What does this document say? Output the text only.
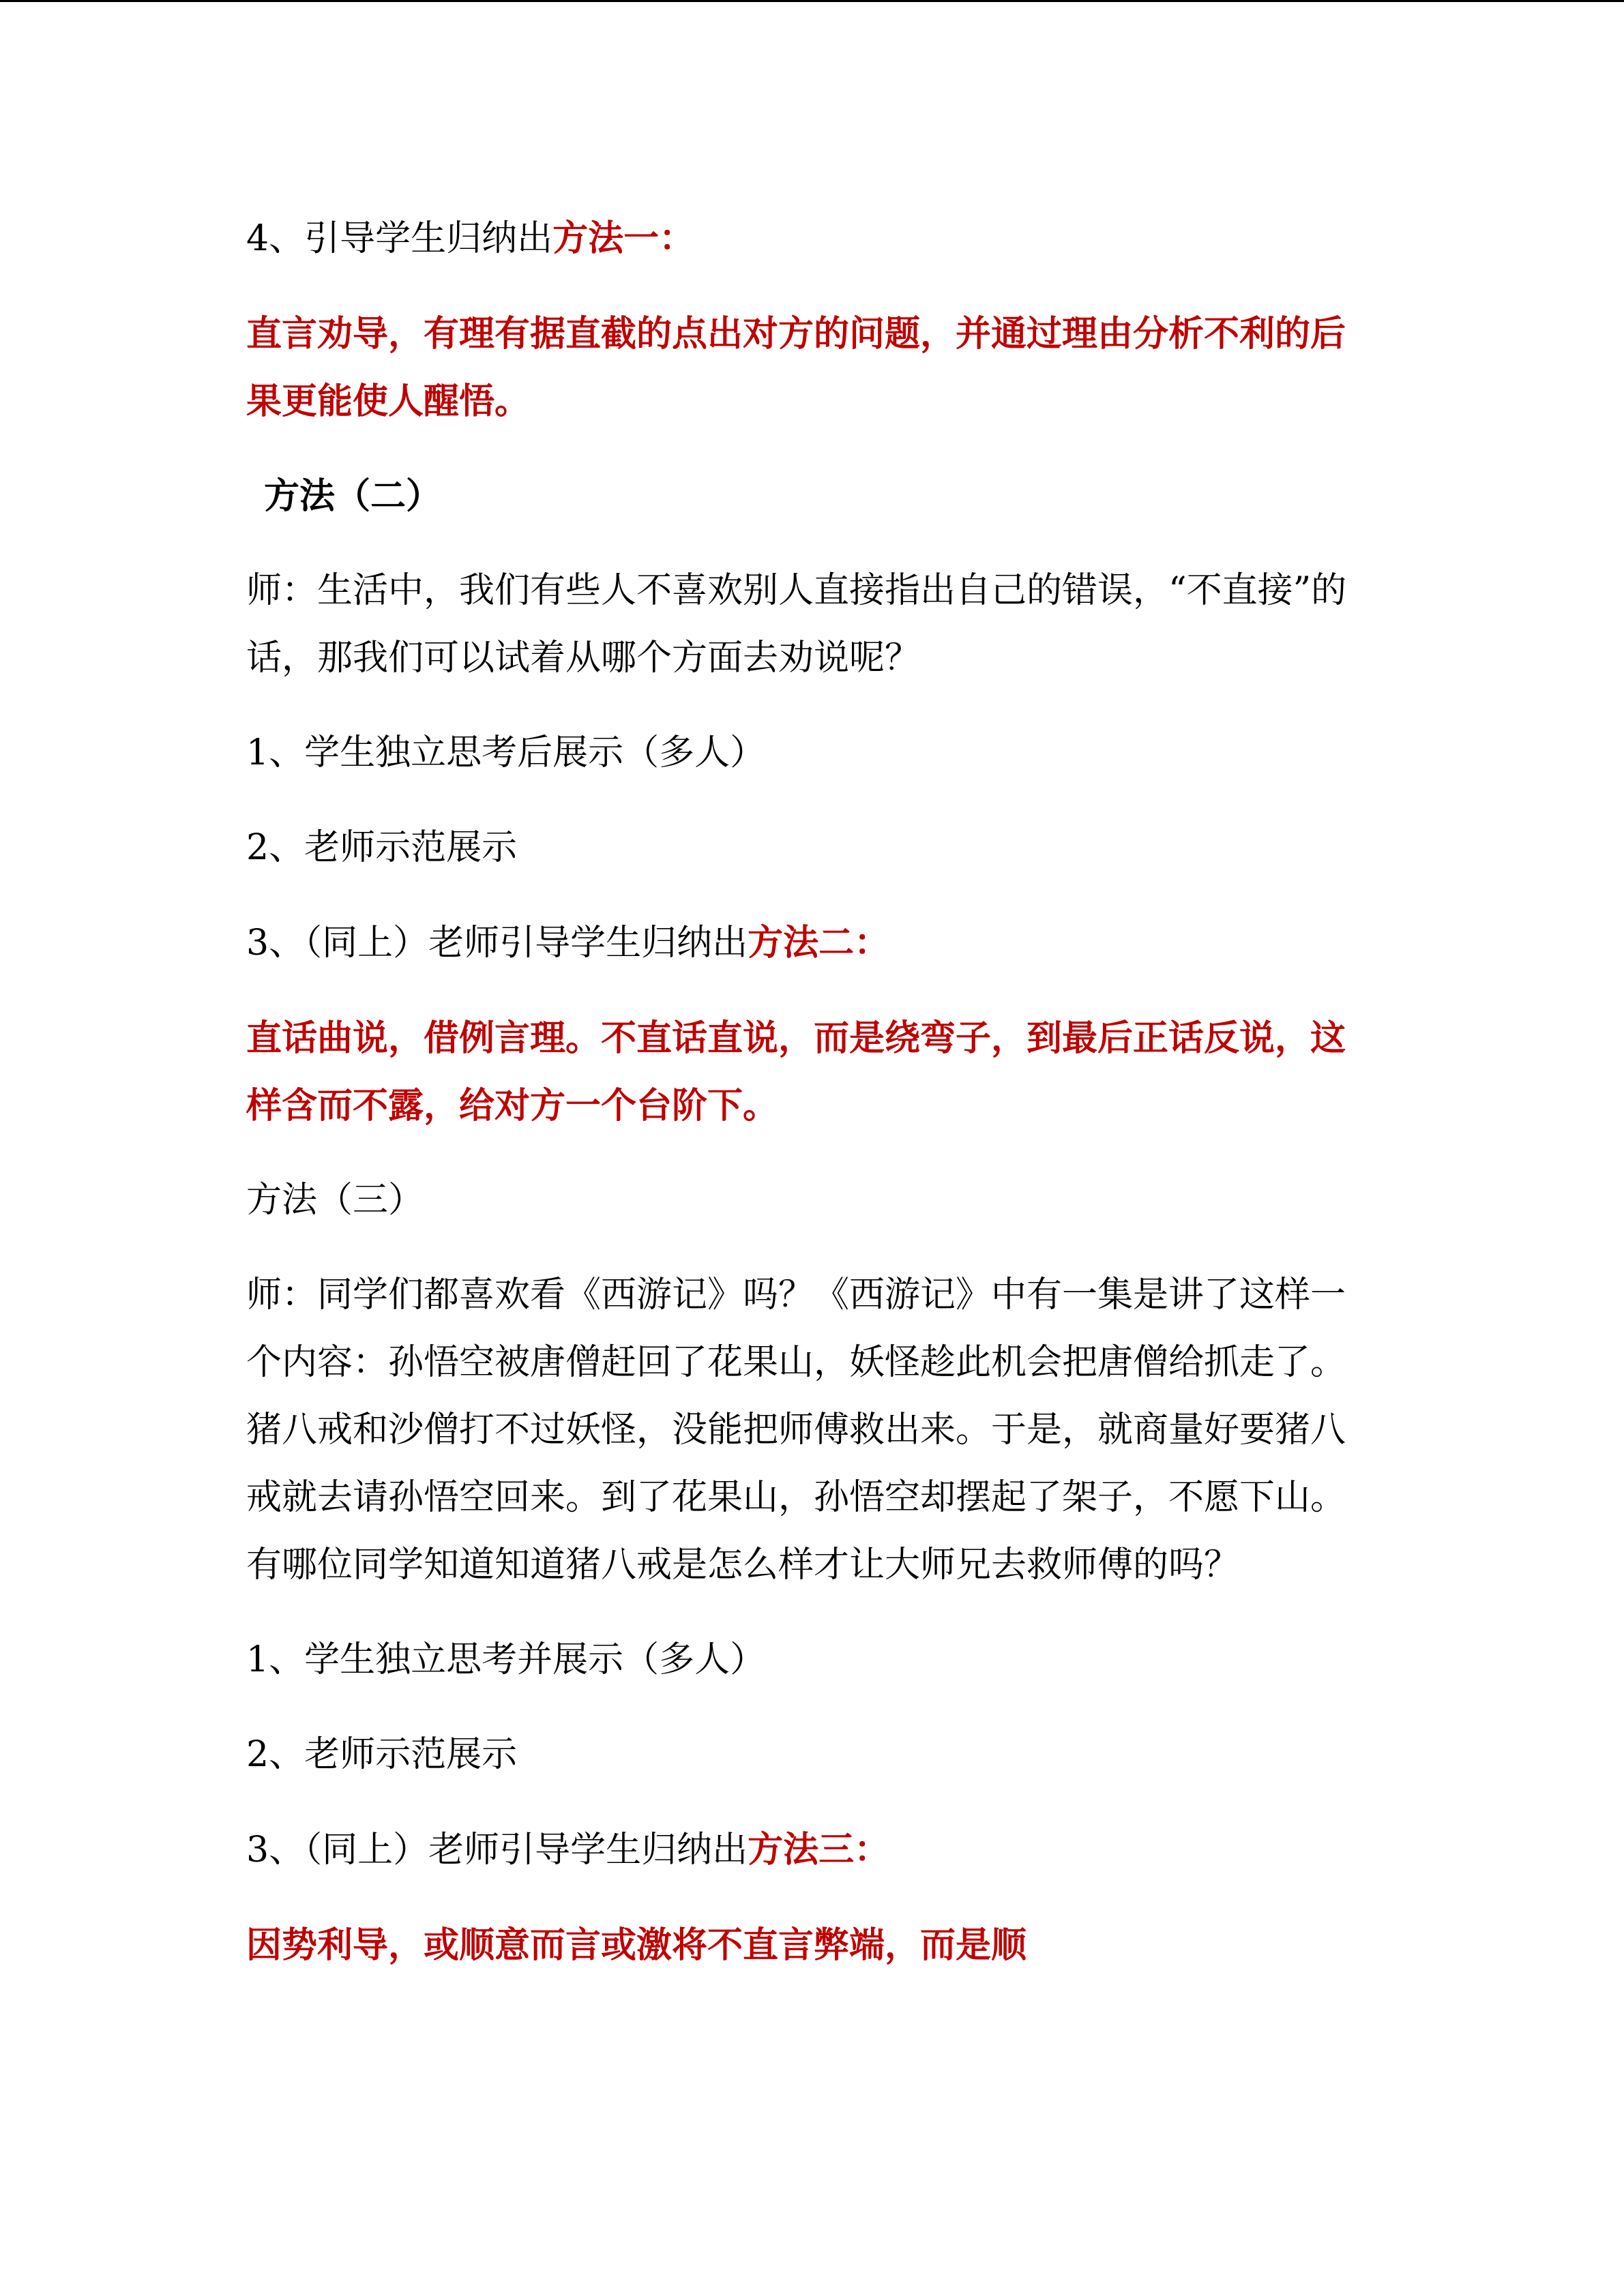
4、引导学生归纳出方法一：

直言劝导，有理有据直截的点出对方的问题，并通过理由分析不利的后果更能使人醒悟。

方法（二）

师：生活中，我们有些人不喜欢别人直接指出自己的错误，“不直接”的话，那我们可以试着从哪个方面去劝说呢？

1、学生独立思考后展示（多人）

2、老师示范展示

3、（同上）老师引导学生归纳出方法二：

直话曲说，借例言理。不直话直说，而是绕弯子，到最后正话反说，这样含而不露，给对方一个台阶下。

方法（三）

师：同学们都喜欢看《西游记》吗？《西游记》中有一集是讲了这样一个内容：孙悟空被唐僧赶回了花果山，妖怪趁此机会把唐僧给抓走了。猪八戒和沙僧打不过妖怪，没能把师傅救出来。于是，就商量好要猪八戒就去请孙悟空回来。到了花果山，孙悟空却摆起了架子，不愿下山。有哪位同学知道知道猪八戒是怎么样才让大师兄去救师傅的吗？

1、学生独立思考并展示（多人）

2、老师示范展示

3、（同上）老师引导学生归纳出方法三：

因势利导，或顺意而言或激将不直言弊端，而是顺
